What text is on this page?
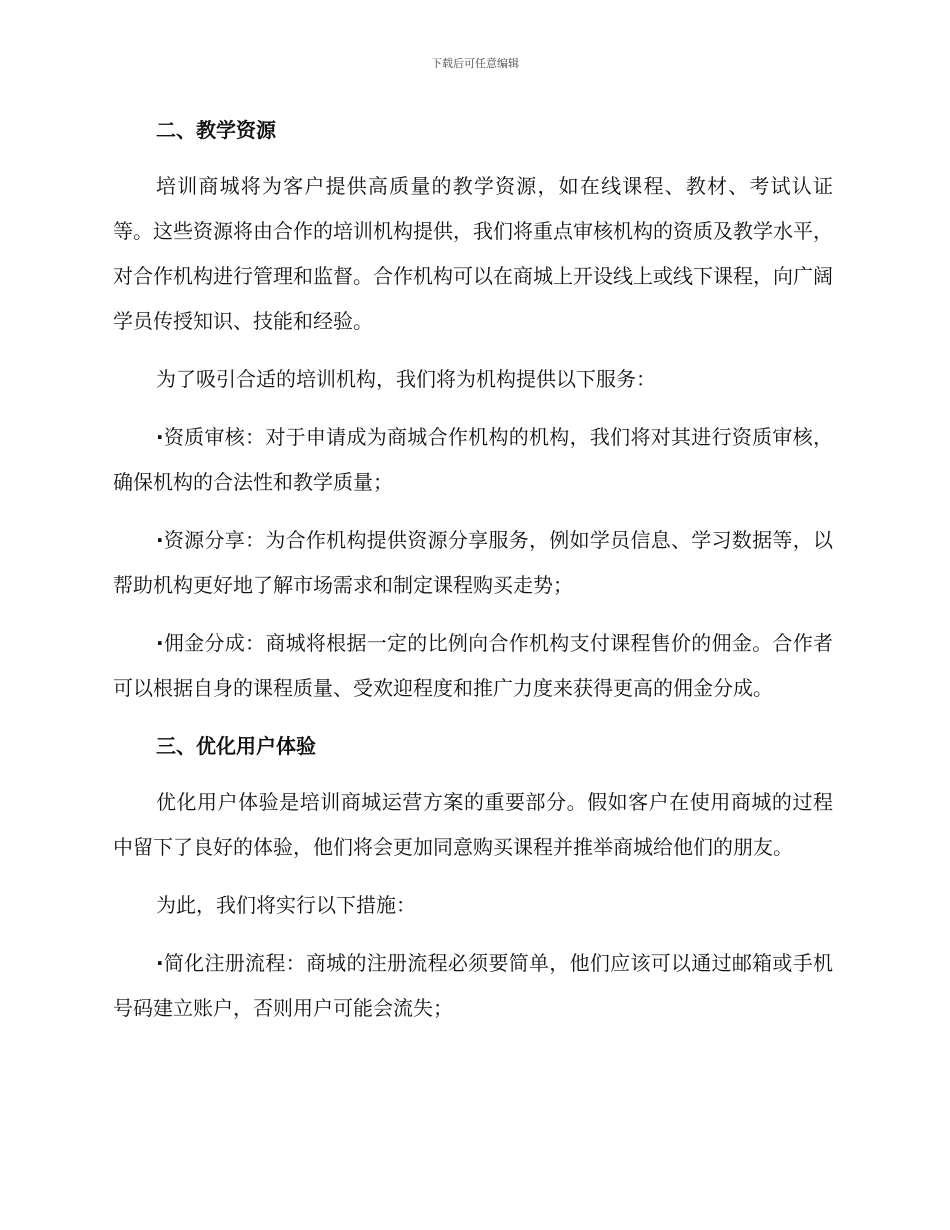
下载后可任意编辑
二、教学资源

培训商城将为客户提供高质量的教学资源，如在线课程、教材、考试认证等。这些资源将由合作的培训机构提供，我们将重点审核机构的资质及教学水平，对合作机构进行管理和监督。合作机构可以在商城上开设线上或线下课程，向广阔学员传授知识、技能和经验。

为了吸引合适的培训机构，我们将为机构提供以下服务：

·资质审核：对于申请成为商城合作机构的机构，我们将对其进行资质审核，确保机构的合法性和教学质量；

·资源分享：为合作机构提供资源分享服务，例如学员信息、学习数据等，以帮助机构更好地了解市场需求和制定课程购买走势；

·佣金分成：商城将根据一定的比例向合作机构支付课程售价的佣金。合作者可以根据自身的课程质量、受欢迎程度和推广力度来获得更高的佣金分成。

三、优化用户体验

优化用户体验是培训商城运营方案的重要部分。假如客户在使用商城的过程中留下了良好的体验，他们将会更加同意购买课程并推举商城给他们的朋友。

为此，我们将实行以下措施：

·简化注册流程：商城的注册流程必须要简单，他们应该可以通过邮箱或手机号码建立账户，否则用户可能会流失；
